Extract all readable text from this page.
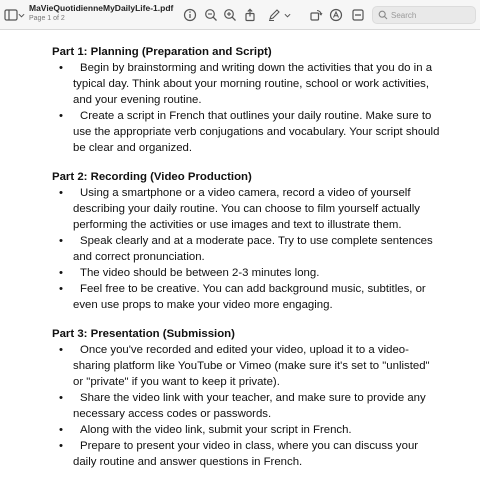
MaVieQuotidienneMyDailyLife-1.pdf
Page 1 of 2
Search

Part 1: Planning (Preparation and Script)

•	Begin by brainstorming and writing down the activities that you do in a typical day. Think about your morning routine, school or work activities, and your evening routine.
•	Create a script in French that outlines your daily routine. Make sure to use the appropriate verb conjugations and vocabulary. Your script should be clear and organized.

Part 2: Recording (Video Production)

•	Using a smartphone or a video camera, record a video of yourself describing your daily routine. You can choose to film yourself actually performing the activities or use images and text to illustrate them.
•	Speak clearly and at a moderate pace. Try to use complete sentences and correct pronunciation.
•	The video should be between 2-3 minutes long.
•	Feel free to be creative. You can add background music, subtitles, or even use props to make your video more engaging.

Part 3: Presentation (Submission)

•	Once you've recorded and edited your video, upload it to a video-sharing platform like YouTube or Vimeo (make sure it's set to "unlisted" or "private" if you want to keep it private).
•	Share the video link with your teacher, and make sure to provide any necessary access codes or passwords.
•	Along with the video link, submit your script in French.
•	Prepare to present your video in class, where you can discuss your daily routine and answer questions in French.
